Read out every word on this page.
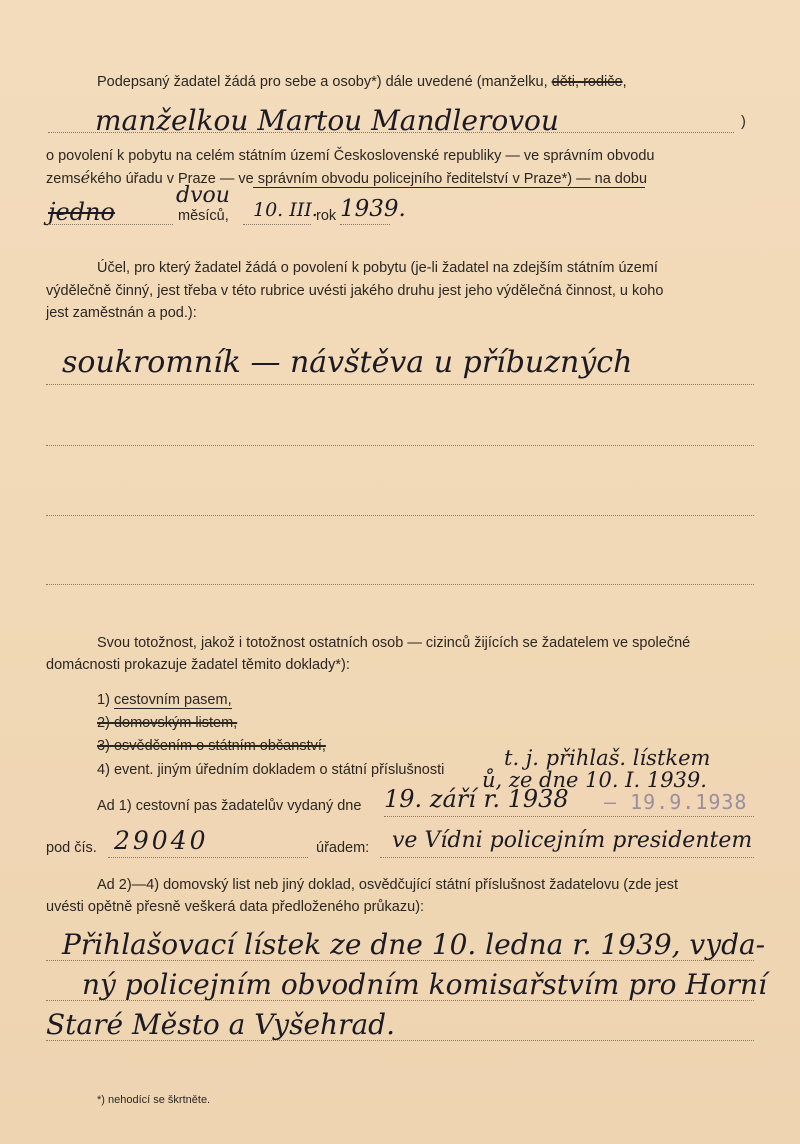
Podepsaný žadatel žádá pro sebe a osoby*) dále uvedené (manželku, děti, rodiče,
manželkou Martou Mandlerovou	)
o povolení k pobytu na celém státním území Československé republiky — ve správním obvodu
zemsékého úřadu v Praze — ve správním obvodu policejního ředitelství v Praze*) — na dobu
jedno
dvou
měsíců, 10. III.
rok 1939.
Účel, pro který žadatel žádá o povolení k pobytu (je-li žadatel na zdejším státním území
výdělečně činný, jest třeba v této rubrice uvésti jakého druhu jest jeho výdělečná činnost, u koho
jest zaměstnán a pod.):
soukromník — návštěva u příbuzných
Svou totožnost, jakož i totožnost ostatních osob — cizinců žijících se žadatelem ve společné
domácnosti prokazuje žadatel těmito doklady*):
1) cestovním pasem,
2) domovským listem,
3) osvědčením o státním občanství,
4) event. jiným úředním dokladem o státní příslušnosti	t. j. přihlaš. lístkem
ů, ze dne 10. I. 1939.
Ad 1) cestovní pas žadatelův vydaný dne 19. září r. 1938 — 19.9.1938
pod čís. 29040	úřadem: ve Vídni policejním presidentem
Ad 2)—4) domovský list neb jiný doklad, osvědčující státní příslušnost žadatelovu (zde jest
uvésti opětně přesně veškerá data předloženého průkazu):
Přihlašovací lístek ze dne 10. ledna r. 1939, vyda-
ný policejním obvodním komisařstvím pro Horní
Staré Město a Vyšehrad.
*) nehodící se škrtněte.
